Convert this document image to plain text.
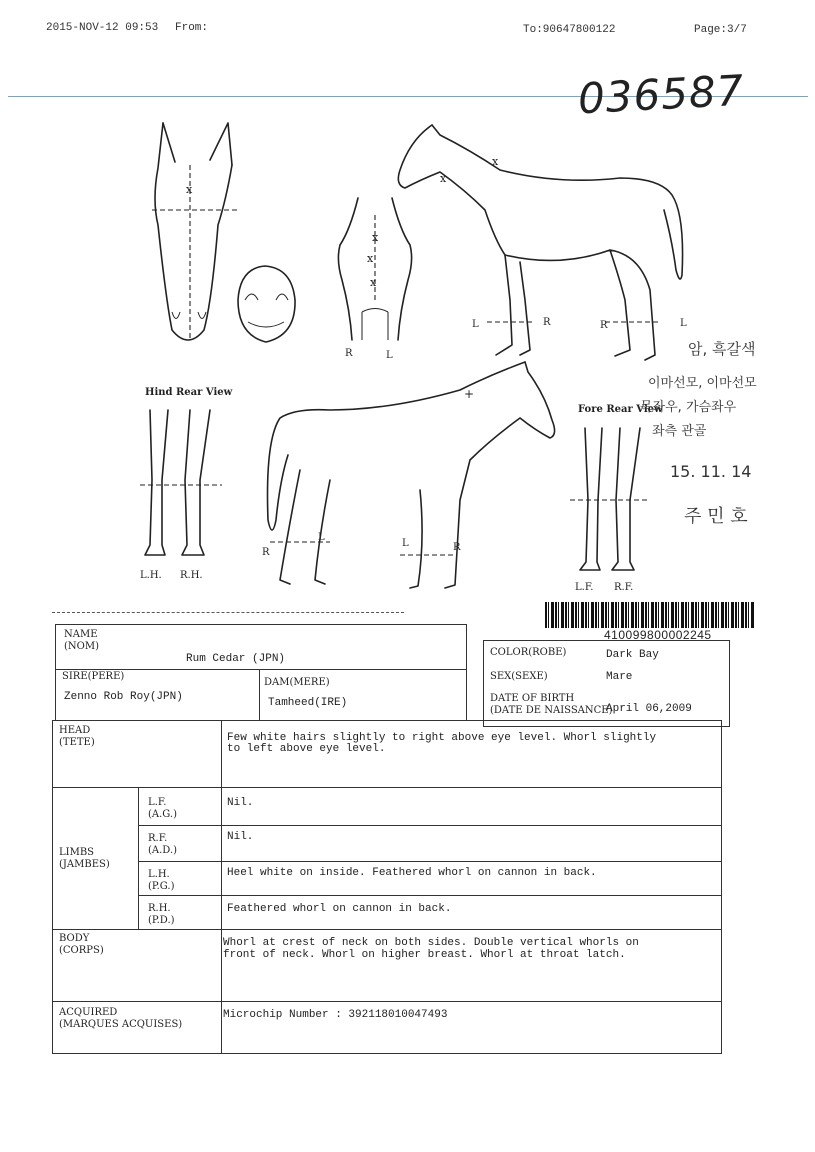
2015-NOV-12 09:53 From:	To:90647800122	Page:3/7
036587
x
x
x
x
R	L
x
x
L	R	R	L
Hind Rear View
L.H. R.H.
+
R
L
L	R
Fore Rear View
L.F. R.F.
암, 흑갈색
이마선모, 이마선모
목좌우, 가슴좌우
좌측 관골
15. 11. 14
주 민 호
410099800002245
NAME
(NOM)
Rum Cedar (JPN)
SIRE(PERE)
Zenno Rob Roy(JPN)
DAM(MERE)
Tamheed(IRE)
COLOR(ROBE)	Dark Bay
SEX(SEXE)	Mare
DATE OF BIRTH
(DATE DE NAISSANCE)
April 06,2009
HEAD
(TETE)	Few white hairs slightly to right above eye level. Whorl slightly to left above eye level.
LIMBS
(JAMBES)
L.F.
(A.G.)
Nil.
R.F.
(A.D.)
Nil.
L.H.
(P.G.)
Heel white on inside. Feathered whorl on cannon in back.
R.H.
(P.D.)
Feathered whorl on cannon in back.
BODY
(CORPS)
Whorl at crest of neck on both sides. Double vertical whorls on front of neck. Whorl on higher breast. Whorl at throat latch.
ACQUIRED
(MARQUES ACQUISES)
Microchip Number : 392118010047493
